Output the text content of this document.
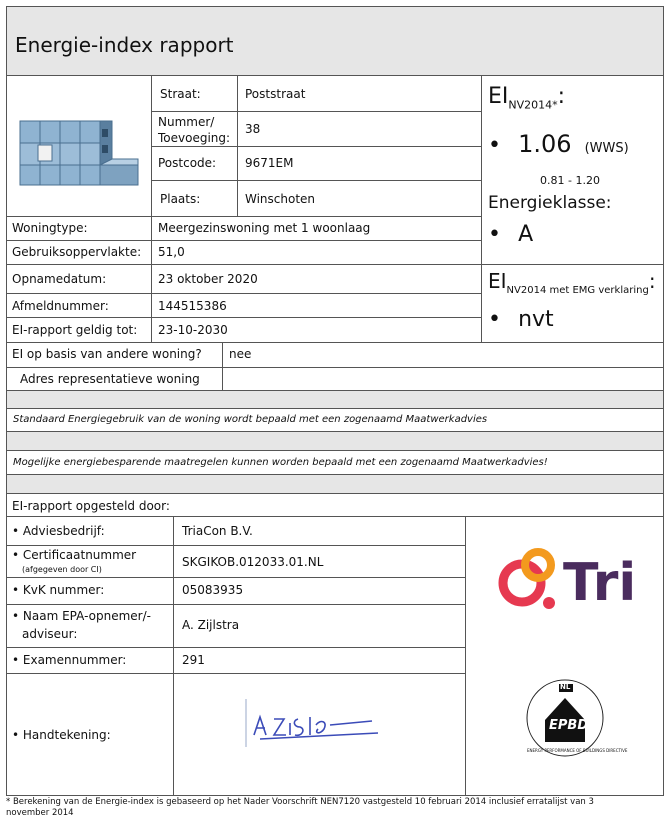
Energie-index rapport
Straat:	Poststraat
Nummer/ Toevoeging:
38
Postcode: 9671EM
Plaats:	Winschoten
Woningtype:	Meergezinswoning met 1 woonlaag
Gebruiksoppervlakte: 51,0
Opnamedatum:	23 oktober 2020
Afmeldnummer:	144515386
EI-rapport geldig tot: 23-10-2030
EI op basis van andere woning? nee
Adres representatieve woning
$EI_{NV2014*}$:
• 1.06 (WWS)
0.81 - 1.20
Energieklasse:
• A
$EI_{NV2014 met EMG verklaring}$:
• nvt
Standaard Energiegebruik van de woning wordt bepaald met een zogenaamd Maatwerkadvies
Mogelijke energiebesparende maatregelen kunnen worden bepaald met een zogenaamd Maatwerkadvies!
EI-rapport opgesteld door:
• Adviesbedrijf:	TriaCon B.V.
• Certificaatnummer
(afgegeven door CI)
SKGIKOB.012033.01.NL
• KvK nummer:	05083935
• Naam EPA-opnemer/-
adviseur:
A. Zijlstra
• Examennummer:	291
• Handtekening:
Tri
EPBD
NL
ENERGY PERFORMANCE OF BUILDINGS DIRECTIVE
* Berekening van de Energie-index is gebaseerd op het Nader Voorschrift NEN7120 vastgesteld 10 februari 2014 inclusief erratalijst van 3 november 2014
